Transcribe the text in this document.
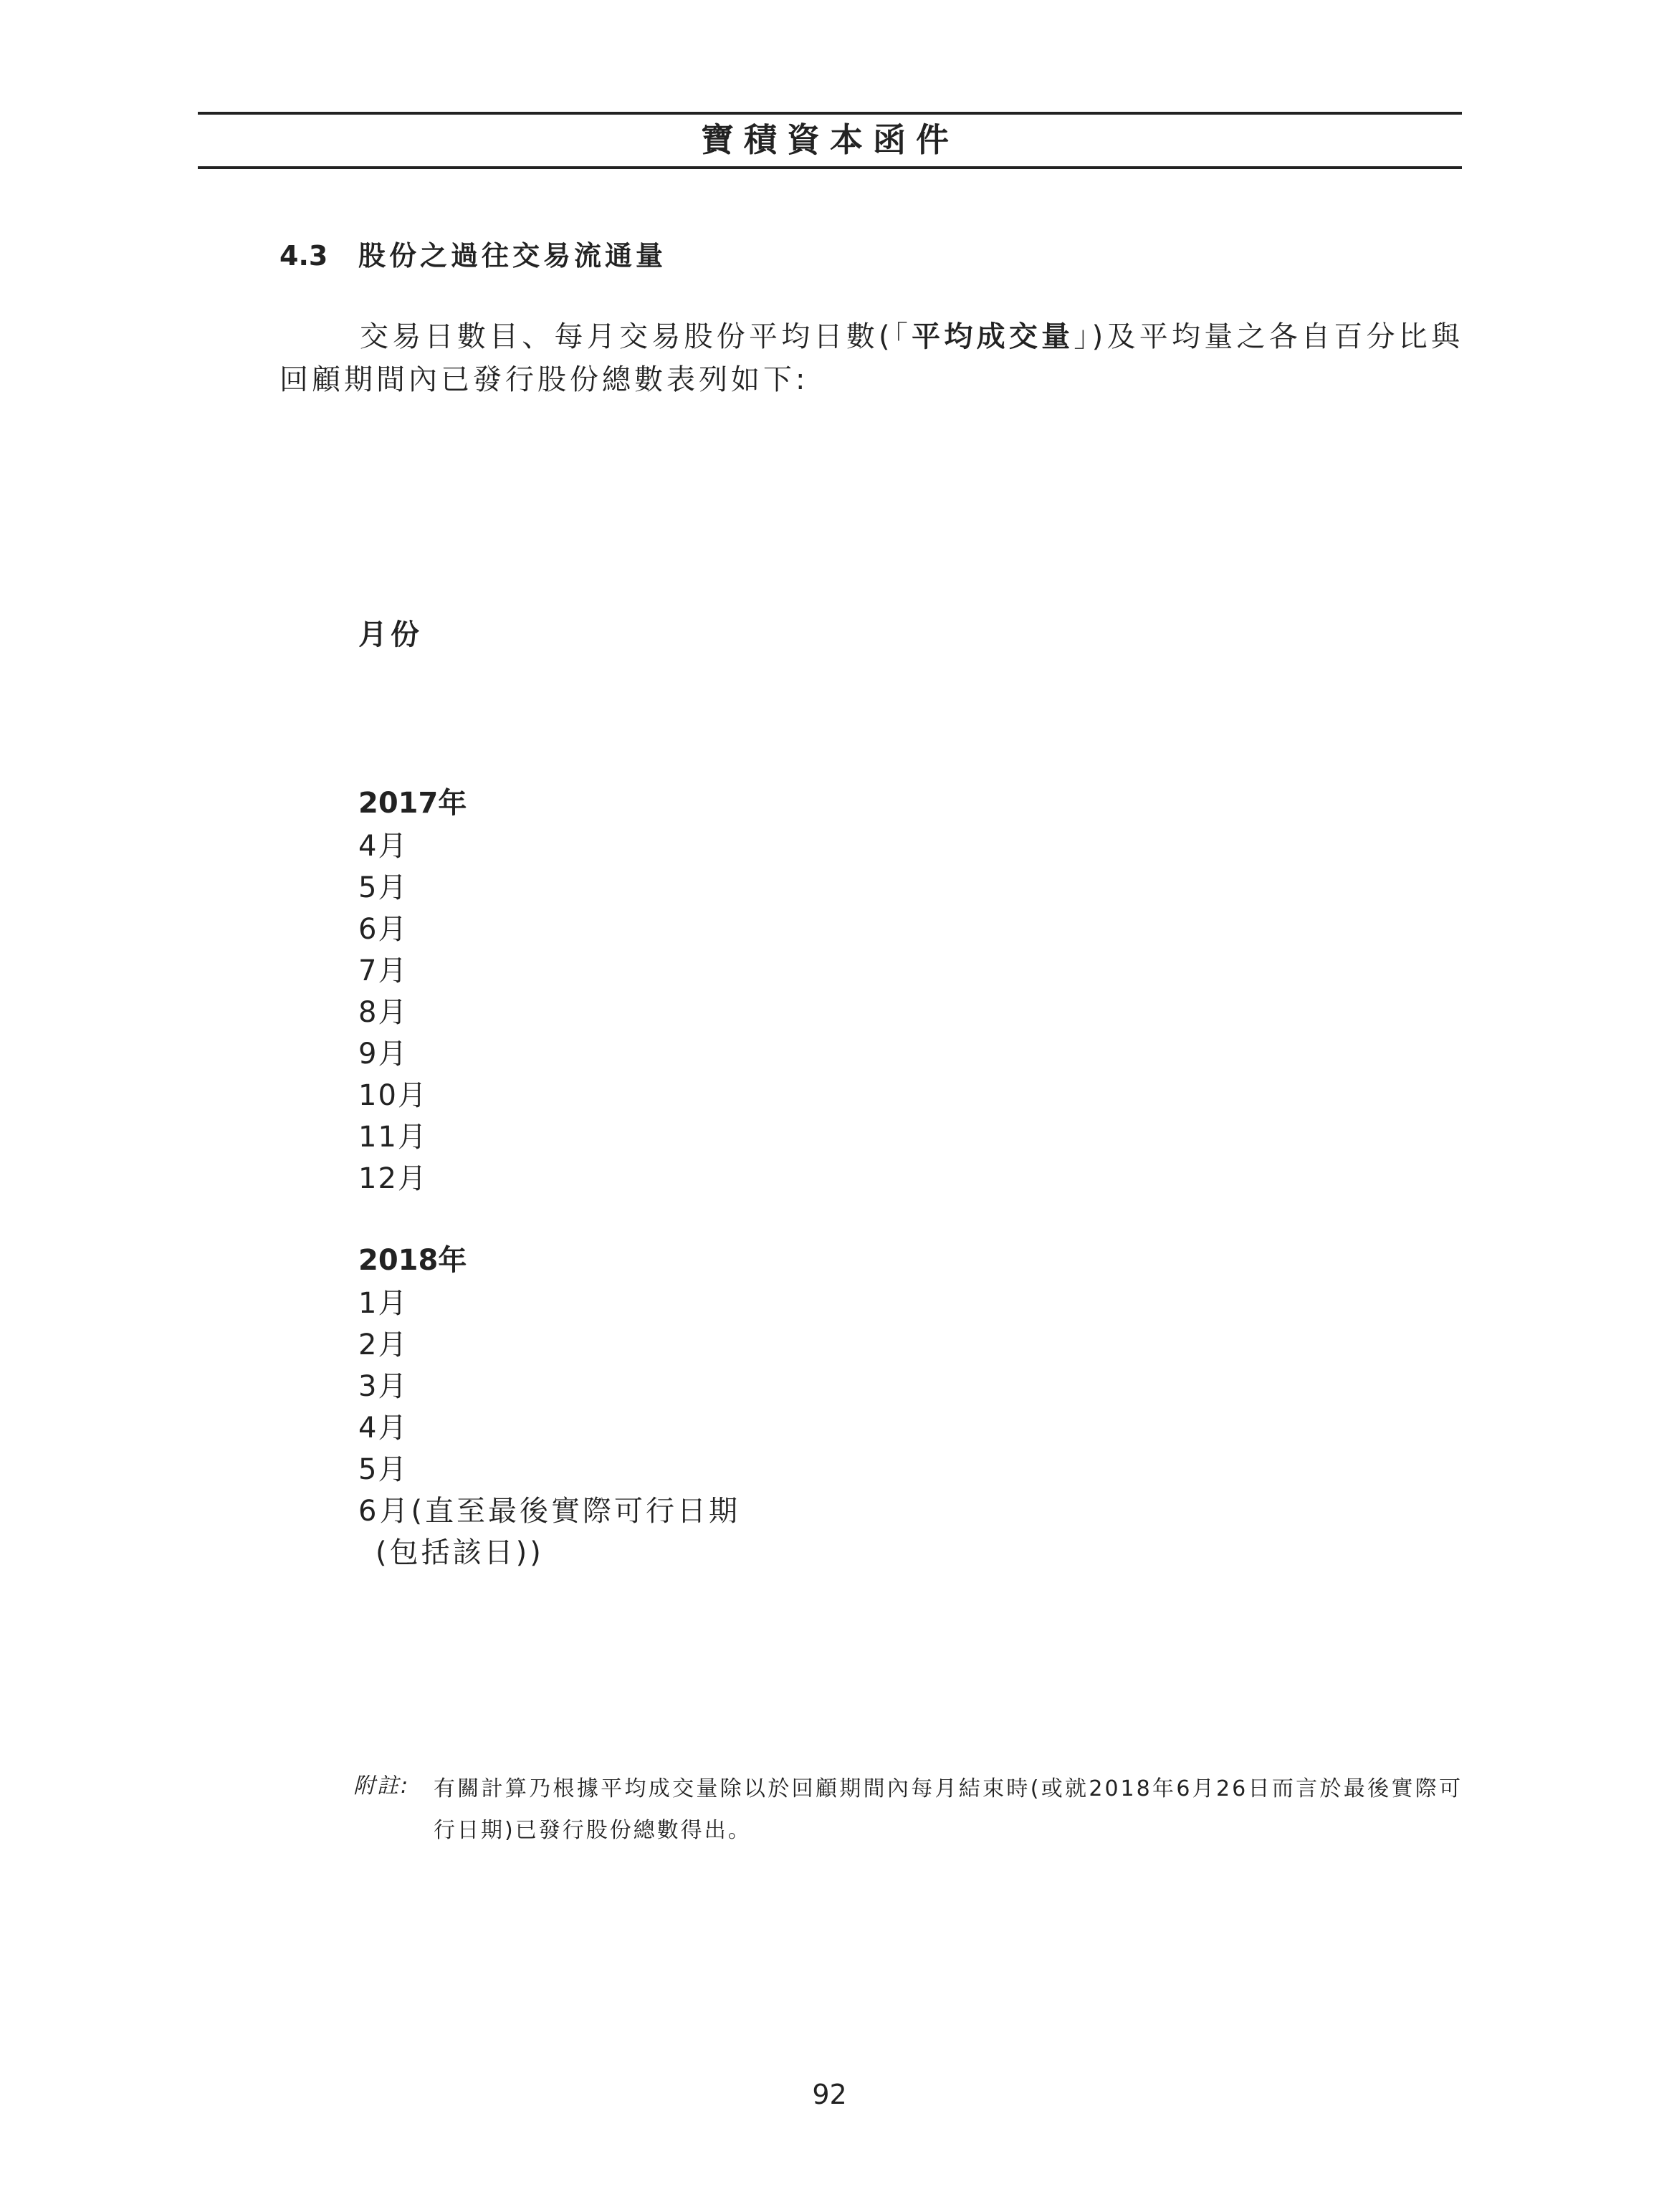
寶積資本函件
4.3	股份之過往交易流通量
交易日數目、每月交易股份平均日數(「平均成交量」)及平均量之各自百分比與回顧期間內已發行股份總數表列如下:
月份
2017年
4月
5月
6月
7月
8月
9月
10月
11月
12月
2018年
1月
2月
3月
4月
5月
6月(直至最後實際可行日期
(包括該日))
附註: 有關計算乃根據平均成交量除以於回顧期間內每月結束時(或就2018年6月26日而言於最後實際可行日期)已發行股份總數得出。
92
